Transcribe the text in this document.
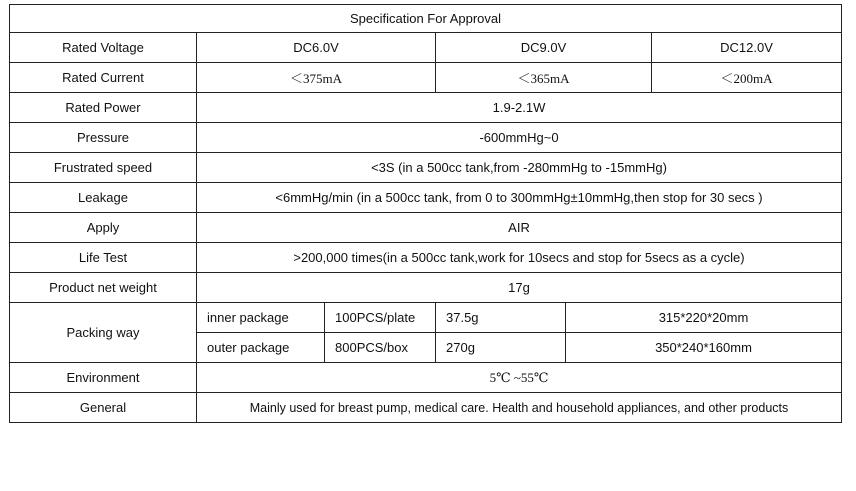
Specification For Approval					
Rated Voltage	DC6.0V		DC9.0V		DC12.0V
Rated Current	＜375mA		＜365mA		＜200mA
Rated Power	1.9-2.1W				
Pressure	-600mmHg~0				
Frustrated speed	<3S (in a 500cc tank,from -280mmHg to -15mmHg)				
Leakage	<6mmHg/min (in a 500cc tank, from 0 to 300mmHg±10mmHg,then stop for 30 secs )				
Apply	AIR				
Life Test	>200,000 times(in a 500cc tank,work for 10secs and stop for 5secs as a cycle)				
Product net weight	17g				
Packing way	inner package	100PCS/plate	37.5g	315*220*20mm	
	outer package	800PCS/box	270g	350*240*160mm	
Environment	5℃ ~55℃				
General	Mainly used for breast pump, medical care. Health and household appliances, and other products				
